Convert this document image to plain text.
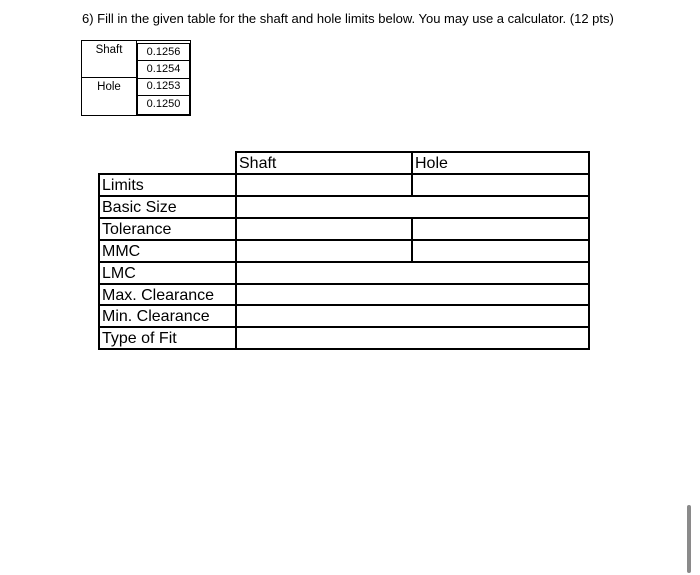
6) Fill in the given table for the shaft and hole limits below. You may use a calculator. (12 pts)
Shaft
Hole
0.1256
0.1254
0.1253
0.1250
Shaft	Hole
Limits
Basic Size
Tolerance
MMC
LMC
Max. Clearance
Min. Clearance
Type of Fit
